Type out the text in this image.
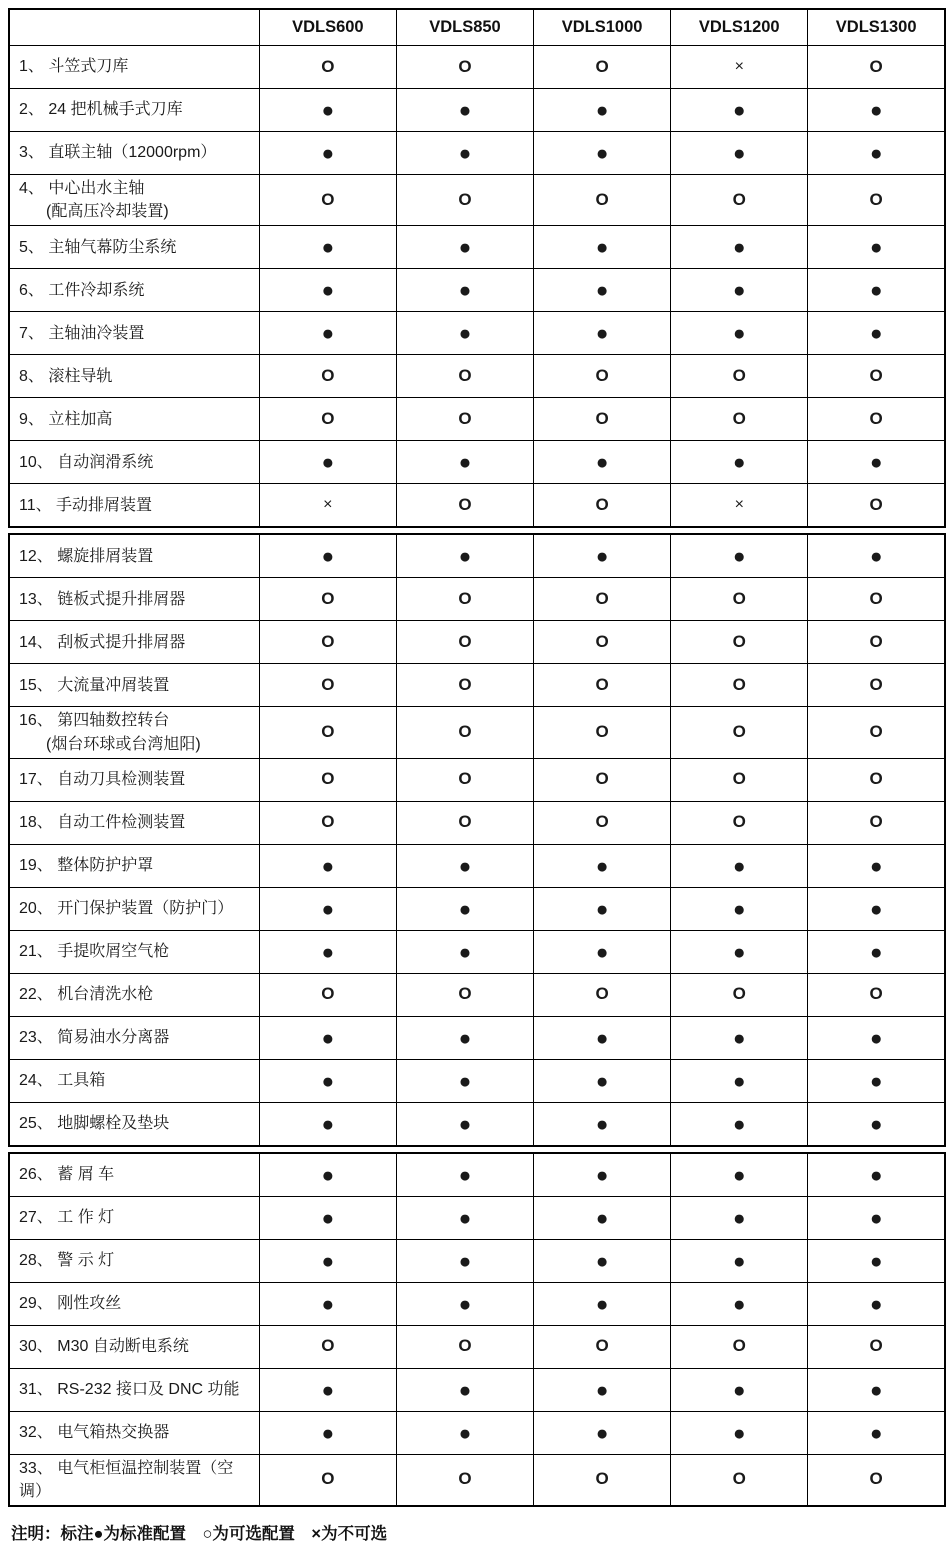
	VDLS600	VDLS850	VDLS1000	VDLS1200	VDLS1300

1、 斗笠式刀库	O	O	O	×	O

2、 24 把机械手式刀库	●	●	●	●	●

3、 直联主轴（12000rpm）	●	●	●	●	●

4、 中心出水主轴
(配高压冷却装置)	O	O	O	O	O

5、 主轴气幕防尘系统	●	●	●	●	●

6、 工件冷却系统	●	●	●	●	●

7、 主轴油冷装置	●	●	●	●	●

8、 滚柱导轨	O	O	O	O	O

9、 立柱加高	O	O	O	O	O

10、 自动润滑系统	●	●	●	●	●

11、 手动排屑装置	×	O	O	×	O
12、 螺旋排屑装置	●	●	●	●	●

13、 链板式提升排屑器	O	O	O	O	O

14、 刮板式提升排屑器	O	O	O	O	O

15、 大流量冲屑装置	O	O	O	O	O

16、 第四轴数控转台
(烟台环球或台湾旭阳)	O	O	O	O	O

17、 自动刀具检测装置	O	O	O	O	O

18、 自动工件检测装置	O	O	O	O	O

19、 整体防护护罩	●	●	●	●	●

20、 开门保护装置（防护门）	●	●	●	●	●

21、 手提吹屑空气枪	●	●	●	●	●

22、 机台清洗水枪	O	O	O	O	O

23、 简易油水分离器	●	●	●	●	●

24、 工具箱	●	●	●	●	●

25、 地脚螺栓及垫块	●	●	●	●	●
26、 蓄 屑 车	●	●	●	●	●

27、 工 作 灯	●	●	●	●	●

28、 警 示 灯	●	●	●	●	●

29、 刚性攻丝	●	●	●	●	●

30、 M30 自动断电系统	O	O	O	O	O

31、 RS-232 接口及 DNC 功能	●	●	●	●	●

32、 电气箱热交换器	●	●	●	●	●

33、 电气柜恒温控制装置（空调）	O	O	O	O	O

注明：标注●为标准配置　○为可选配置　×为不可选
